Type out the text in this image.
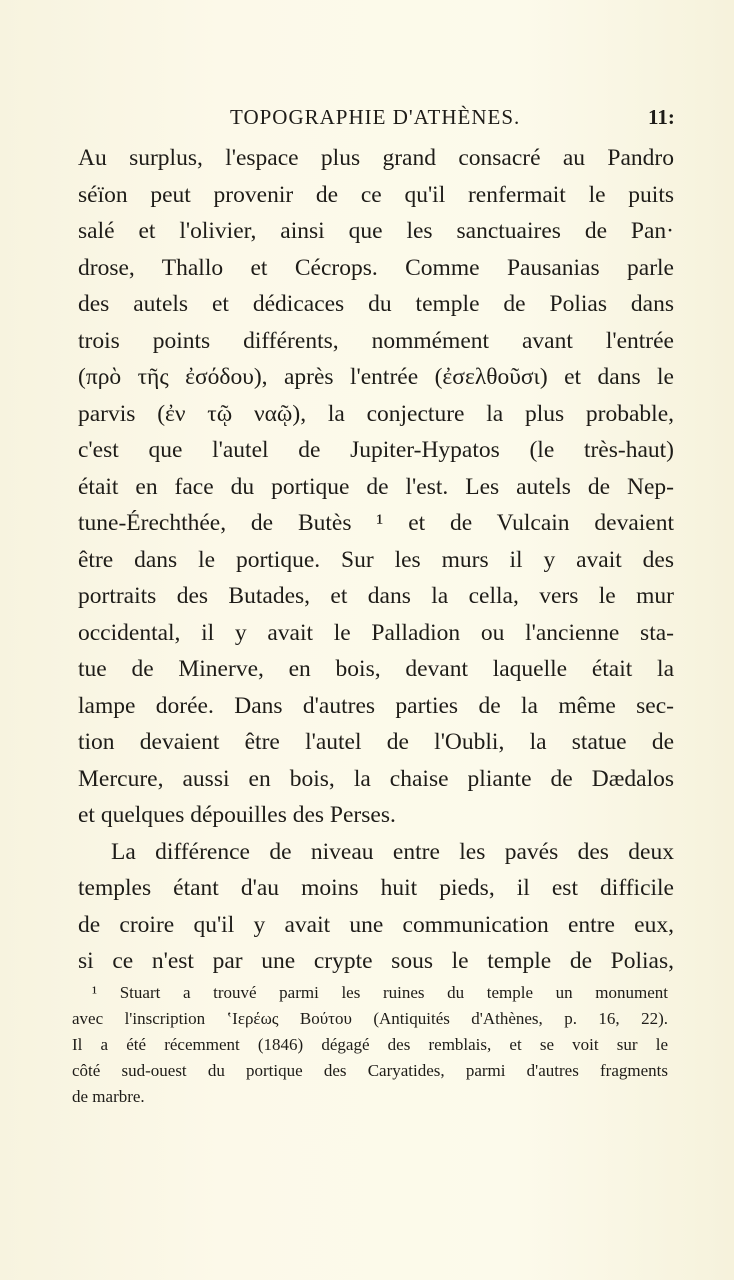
TOPOGRAPHIE D'ATHÈNES.	11:
Au surplus, l'espace plus grand consacré au Pandro
séïon peut provenir de ce qu'il renfermait le puits
salé et l'olivier, ainsi que les sanctuaires de Pan·
drose, Thallo et Cécrops. Comme Pausanias parle
des autels et dédicaces du temple de Polias dans
trois points différents, nommément avant l'entrée
(πρὸ τῆς ἐσόδου), après l'entrée (ἐσελθοῦσι) et dans le
parvis (ἐν τῷ ναῷ), la conjecture la plus probable,
c'est que l'autel de Jupiter-Hypatos (le très-haut)
était en face du portique de l'est. Les autels de Nep-
tune-Érechthée, de Butès ¹ et de Vulcain devaient
être dans le portique. Sur les murs il y avait des
portraits des Butades, et dans la cella, vers le mur
occidental, il y avait le Palladion ou l'ancienne sta-
tue de Minerve, en bois, devant laquelle était la
lampe dorée. Dans d'autres parties de la même sec-
tion devaient être l'autel de l'Oubli, la statue de
Mercure, aussi en bois, la chaise pliante de Dædalos
et quelques dépouilles des Perses.
La différence de niveau entre les pavés des deux
temples étant d'au moins huit pieds, il est difficile
de croire qu'il y avait une communication entre eux,
si ce n'est par une crypte sous le temple de Polias,
¹ Stuart a trouvé parmi les ruines du temple un monument
avec l'inscription ʽΙερέως Βούτου (Antiquités d'Athènes, p. 16, 22).
Il a été récemment (1846) dégagé des remblais, et se voit sur le
côté sud-ouest du portique des Caryatides, parmi d'autres fragments
de marbre.
